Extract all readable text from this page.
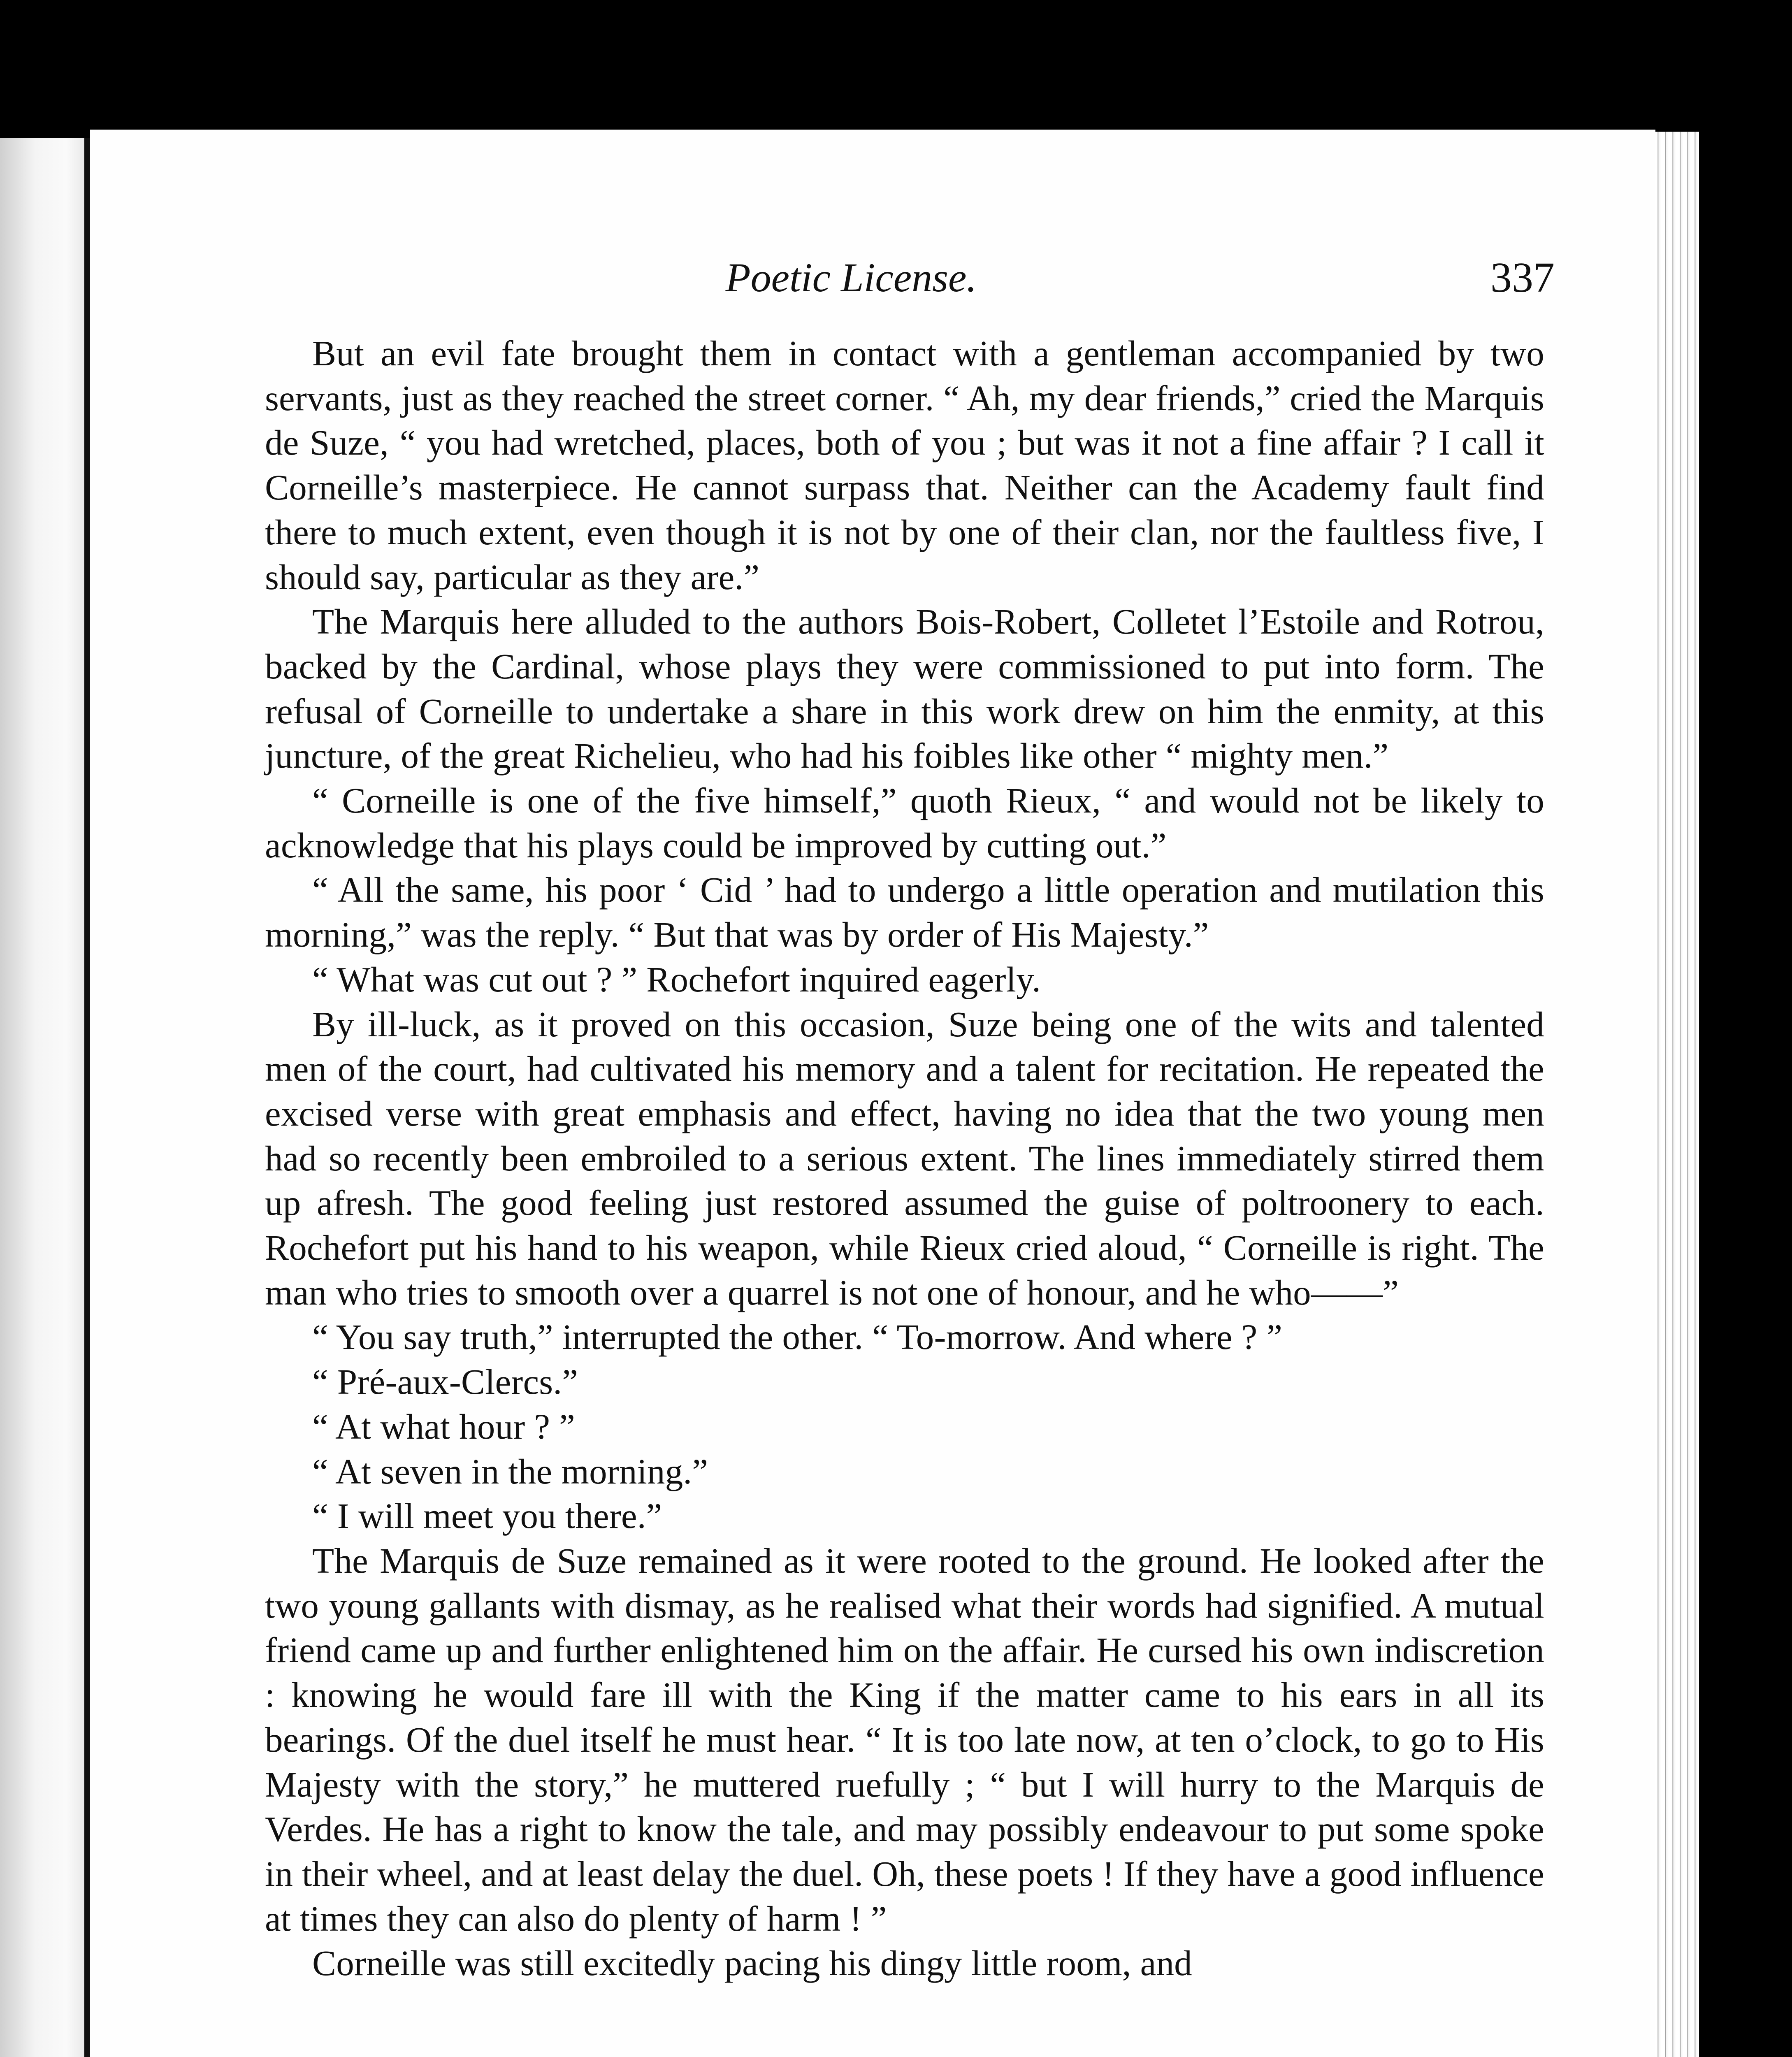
Poetic License.	337

But an evil fate brought them in contact with a gentleman accompanied by two servants, just as they reached the street corner. “ Ah, my dear friends,” cried the Marquis de Suze, “ you had wretched, places, both of you ; but was it not a fine affair ? I call it Corneille’s masterpiece. He cannot surpass that. Neither can the Academy fault find there to much extent, even though it is not by one of their clan, nor the faultless five, I should say, particular as they are.”

The Marquis here alluded to the authors Bois-Robert, Colletet l’Estoile and Rotrou, backed by the Cardinal, whose plays they were commissioned to put into form. The refusal of Corneille to undertake a share in this work drew on him the enmity, at this juncture, of the great Richelieu, who had his foibles like other “ mighty men.”

“ Corneille is one of the five himself,” quoth Rieux, “ and would not be likely to acknowledge that his plays could be improved by cutting out.”

“ All the same, his poor ‘ Cid ’ had to undergo a little operation and mutilation this morning,” was the reply. “ But that was by order of His Majesty.”

“ What was cut out ? ” Rochefort inquired eagerly.

By ill-luck, as it proved on this occasion, Suze being one of the wits and talented men of the court, had cultivated his memory and a talent for recitation. He repeated the excised verse with great emphasis and effect, having no idea that the two young men had so recently been embroiled to a serious extent. The lines immediately stirred them up afresh. The good feeling just restored assumed the guise of poltroonery to each. Rochefort put his hand to his weapon, while Rieux cried aloud, “ Corneille is right. The man who tries to smooth over a quarrel is not one of honour, and he who——”

“ You say truth,” interrupted the other. “ To-morrow. And where ? ”

“ Pré-aux-Clercs.”

“ At what hour ? ”

“ At seven in the morning.”

“ I will meet you there.”

The Marquis de Suze remained as it were rooted to the ground. He looked after the two young gallants with dismay, as he realised what their words had signified. A mutual friend came up and further enlightened him on the affair. He cursed his own indiscretion : knowing he would fare ill with the King if the matter came to his ears in all its bearings. Of the duel itself he must hear. “ It is too late now, at ten o’clock, to go to His Majesty with the story,” he muttered ruefully ; “ but I will hurry to the Marquis de Verdes. He has a right to know the tale, and may possibly endeavour to put some spoke in their wheel, and at least delay the duel. Oh, these poets ! If they have a good influence at times they can also do plenty of harm ! ”

Corneille was still excitedly pacing his dingy little room, and
